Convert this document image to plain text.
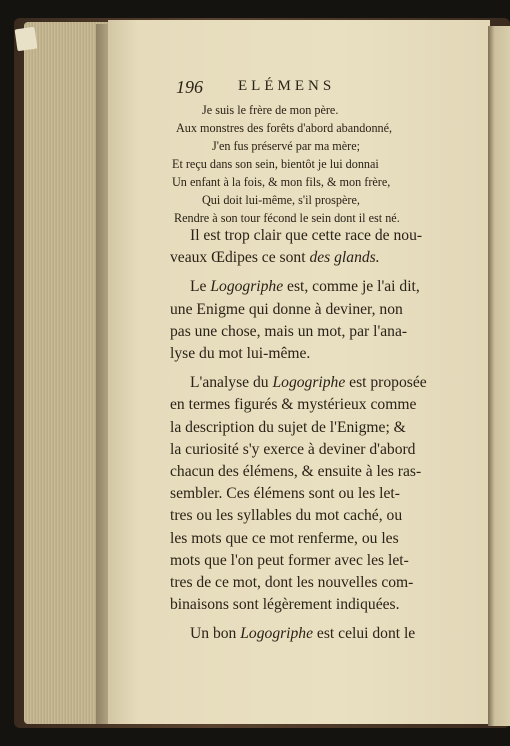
196 ELÉMENS
Je suis le frère de mon père.
Aux monstres des forêts d'abord abandonné,
J'en fus préservé par ma mère;
Et reçu dans son sein, bientôt je lui donnai
Un enfant à la fois, & mon fils, & mon frère,
Qui doit lui-même, s'il prospère,
Rendre à son tour fécond le sein dont il est né.
Il est trop clair que cette race de nou-
veaux Œdipes ce sont des glands.
Le Logogriphe est, comme je l'ai dit,
une Enigme qui donne à deviner, non
pas une chose, mais un mot, par l'ana-
lyse du mot lui-même.
L'analyse du Logogriphe est proposée
en termes figurés & mystérieux comme
la description du sujet de l'Enigme; &
la curiosité s'y exerce à deviner d'abord
chacun des élémens, & ensuite à les ras-
sembler. Ces élémens sont ou les let-
tres ou les syllables du mot caché, ou
les mots que ce mot renferme, ou les
mots que l'on peut former avec les let-
tres de ce mot, dont les nouvelles com-
binaisons sont légèrement indiquées.
Un bon Logogriphe est celui dont le
